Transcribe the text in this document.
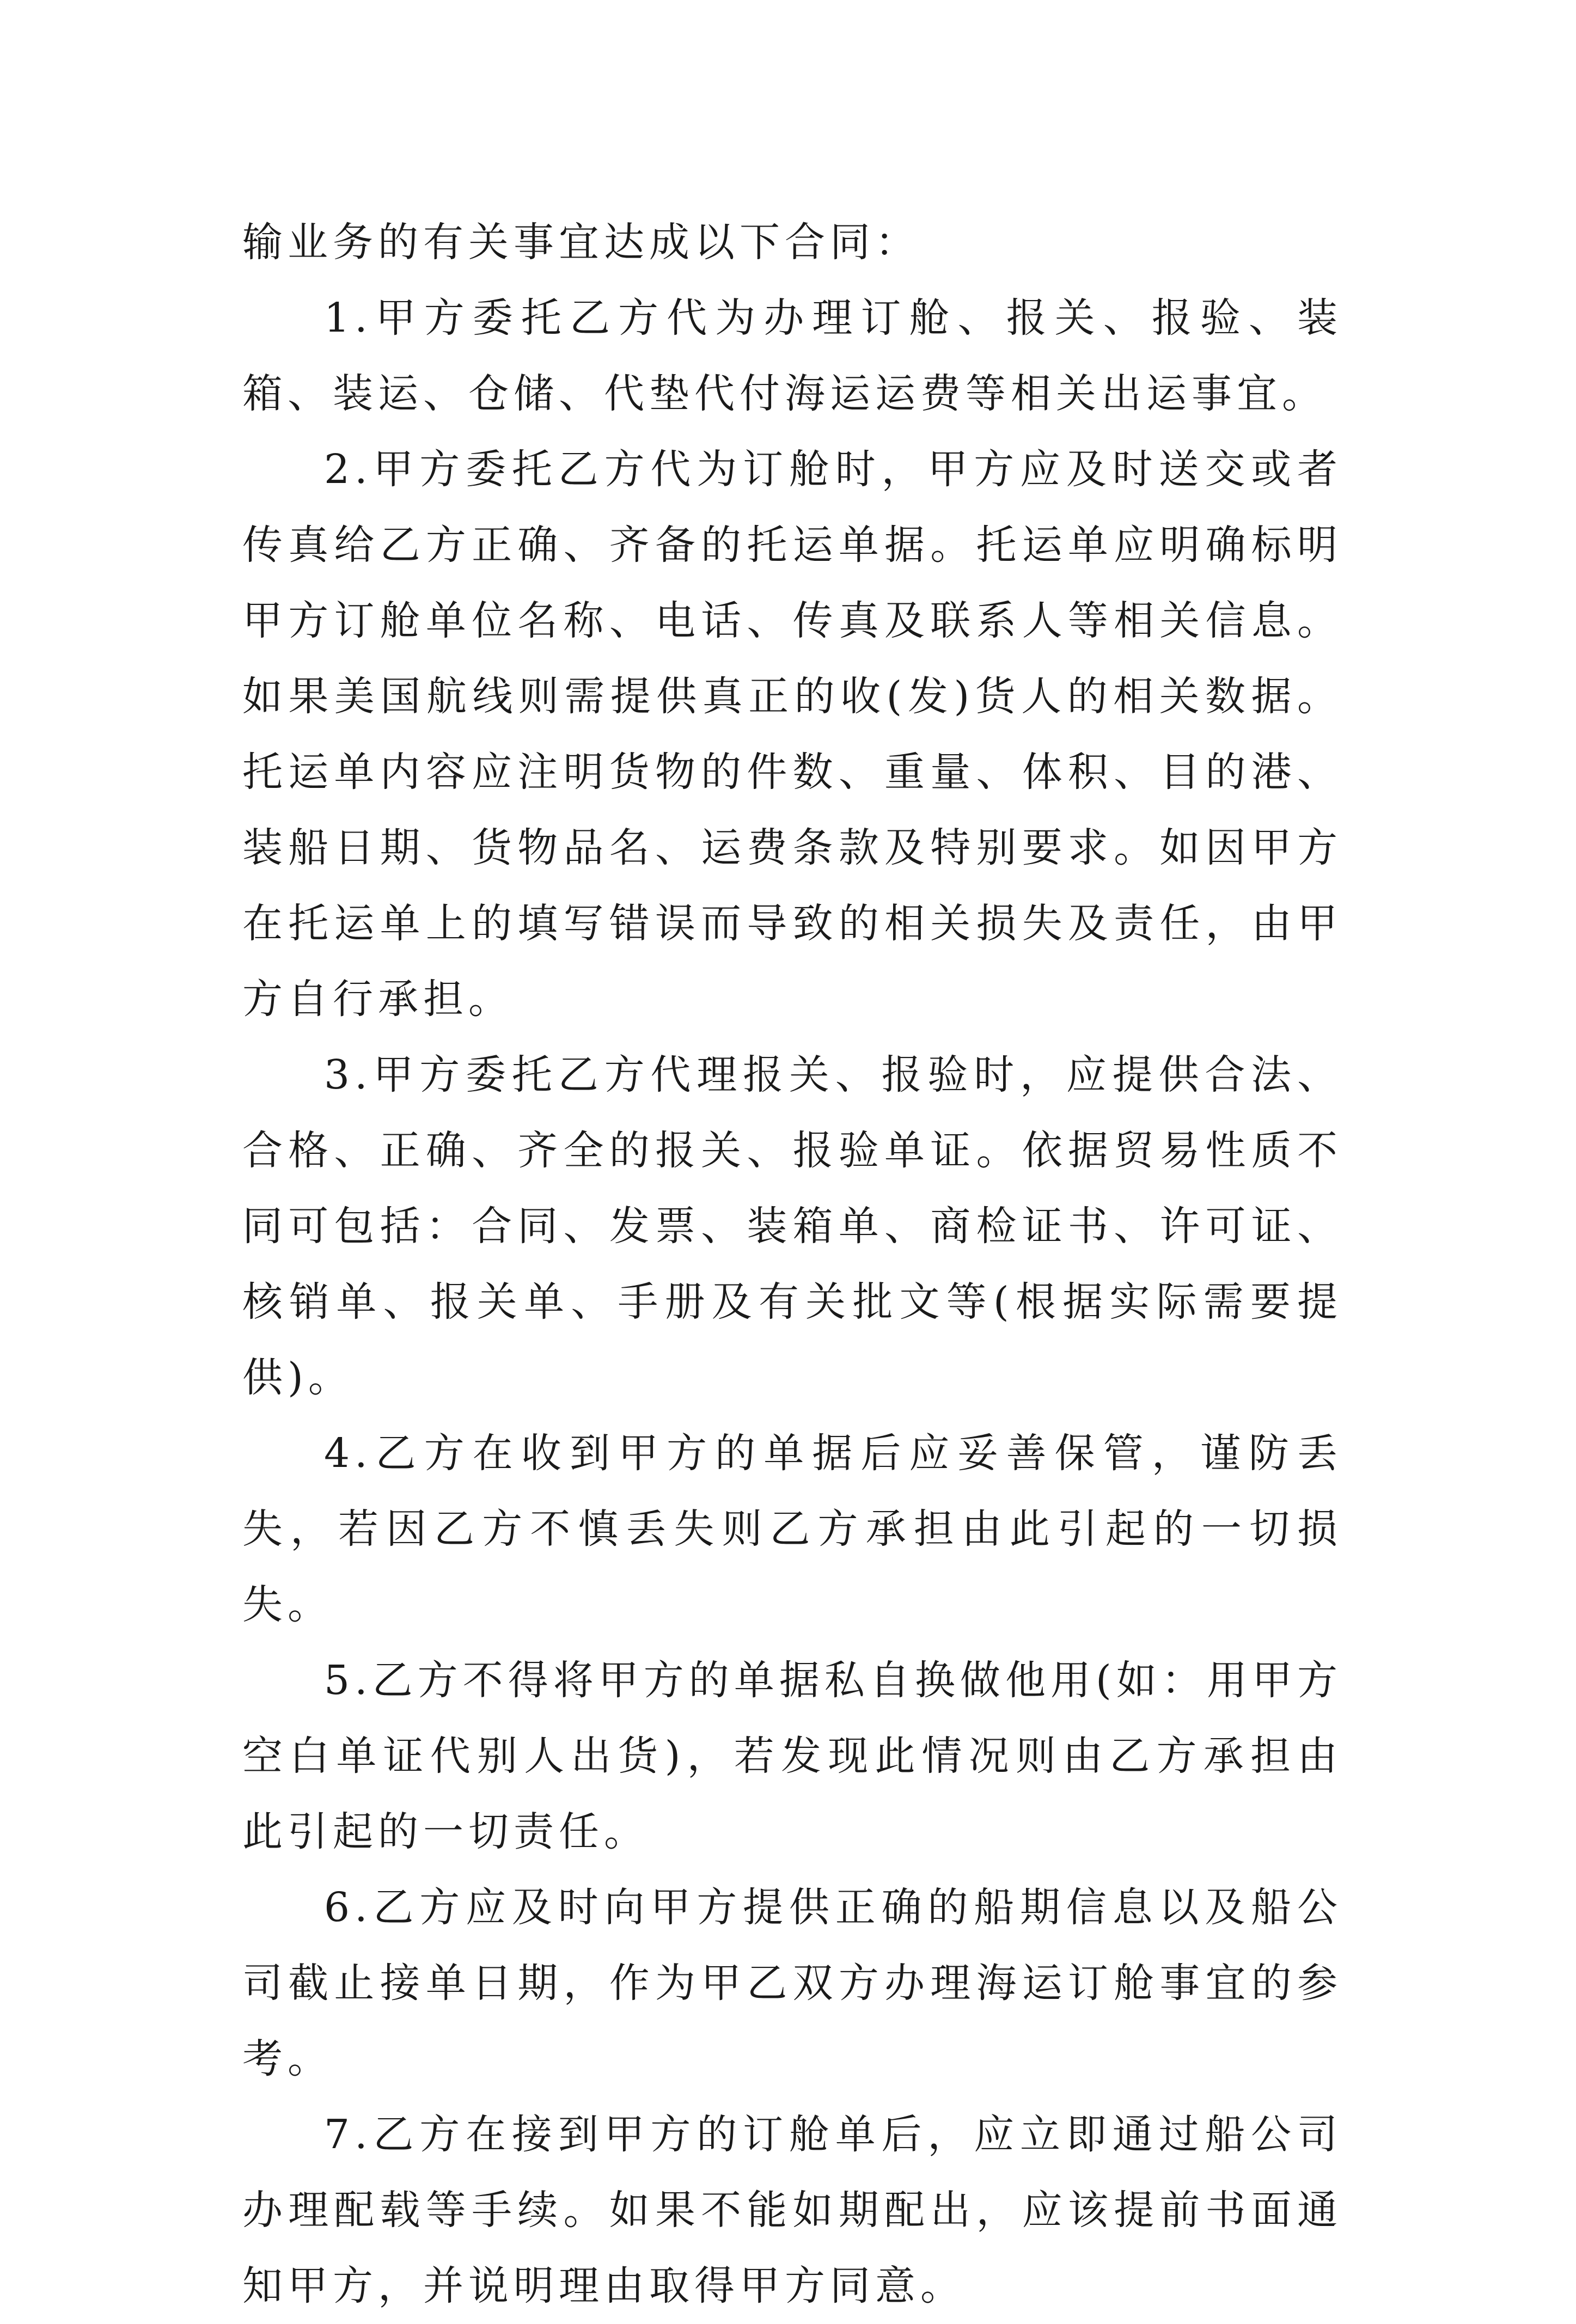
输业务的有关事宜达成以下合同：

1.甲方委托乙方代为办理订舱、报关、报验、装箱、装运、仓储、代垫代付海运运费等相关出运事宜。

2.甲方委托乙方代为订舱时，甲方应及时送交或者传真给乙方正确、齐备的托运单据。托运单应明确标明甲方订舱单位名称、电话、传真及联系人等相关信息。如果美国航线则需提供真正的收(发)货人的相关数据。托运单内容应注明货物的件数、重量、体积、目的港、装船日期、货物品名、运费条款及特别要求。如因甲方在托运单上的填写错误而导致的相关损失及责任，由甲方自行承担。

3.甲方委托乙方代理报关、报验时，应提供合法、合格、正确、齐全的报关、报验单证。依据贸易性质不同可包括：合同、发票、装箱单、商检证书、许可证、核销单、报关单、手册及有关批文等(根据实际需要提供)。

4.乙方在收到甲方的单据后应妥善保管，谨防丢失，若因乙方不慎丢失则乙方承担由此引起的一切损失。

5.乙方不得将甲方的单据私自换做他用(如：用甲方空白单证代别人出货)，若发现此情况则由乙方承担由此引起的一切责任。

6.乙方应及时向甲方提供正确的船期信息以及船公司截止接单日期，作为甲乙双方办理海运订舱事宜的参考。

7.乙方在接到甲方的订舱单后，应立即通过船公司办理配载等手续。如果不能如期配出，应该提前书面通知甲方，并说明理由取得甲方同意。
